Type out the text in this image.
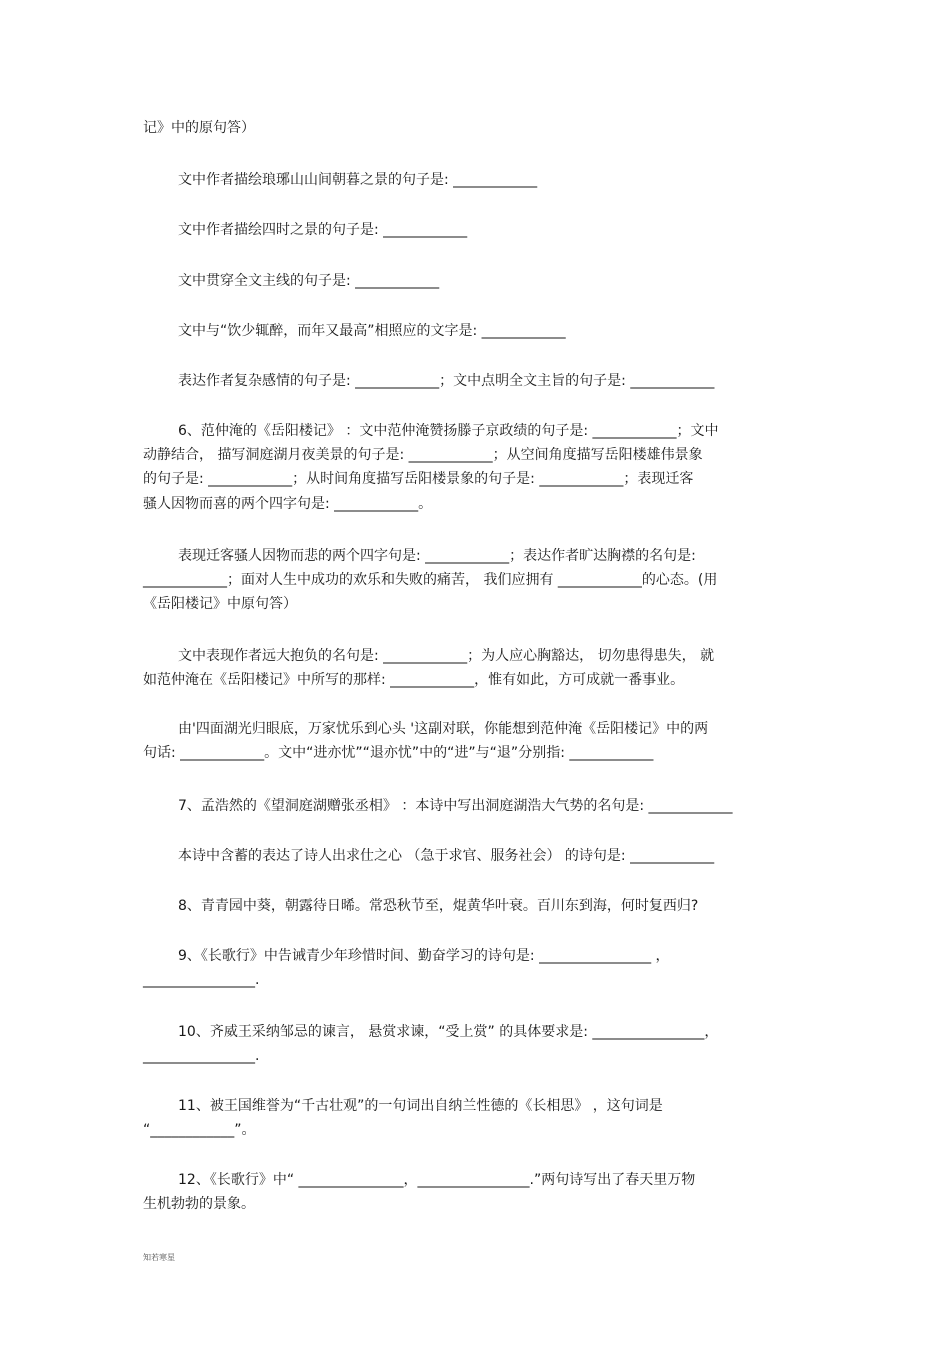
记》中的原句答）
文中作者描绘琅琊山山间朝暮之景的句子是: ____________
文中作者描绘四时之景的句子是: ____________
文中贯穿全文主线的句子是: ____________
文中与“饮少辄醉，而年又最高”相照应的文字是: ____________
表达作者复杂感情的句子是: ____________；文中点明全文主旨的句子是: ____________
6、范仲淹的《岳阳楼记》 ：文中范仲淹赞扬滕子京政绩的句子是: ____________；文中
动静结合， 描写洞庭湖月夜美景的句子是: ____________；从空间角度描写岳阳楼雄伟景象
的句子是: ____________；从时间角度描写岳阳楼景象的句子是: ____________；表现迁客
骚人因物而喜的两个四字句是: ____________。
表现迁客骚人因物而悲的两个四字句是: ____________；表达作者旷达胸襟的名句是:
____________；面对人生中成功的欢乐和失败的痛苦， 我们应拥有 ____________的心态。(用
《岳阳楼记》中原句答）
文中表现作者远大抱负的名句是: ____________；为人应心胸豁达， 切勿患得患失， 就
如范仲淹在《岳阳楼记》中所写的那样: ____________，惟有如此，方可成就一番事业。
由'四面湖光归眼底，万家忧乐到心头 '这副对联，你能想到范仲淹《岳阳楼记》中的两
句话: ____________。文中“进亦忧”“退亦忧”中的“进”与“退”分别指: ____________
7、孟浩然的《望洞庭湖赠张丞相》 ：本诗中写出洞庭湖浩大气势的名句是: ____________
本诗中含蓄的表达了诗人出求仕之心 （急于求官、服务社会） 的诗句是: ____________
8、青青园中葵，朝露待日晞。常恐秋节至，焜黄华叶衰。百川东到海，何时复西归?
9、《长歌行》中告诫青少年珍惜时间、勤奋学习的诗句是: ________________ ，
________________.
10、齐威王采纳邹忌的谏言， 悬赏求谏，“受上赏” 的具体要求是: ________________，
________________.
11、被王国维誉为“千古壮观”的一句词出自纳兰性德的《长相思》 ，这句词是
“____________”。
12、《长歌行》中“ _______________，________________.”两句诗写出了春天里万物
生机勃勃的景象。
知若寒星
